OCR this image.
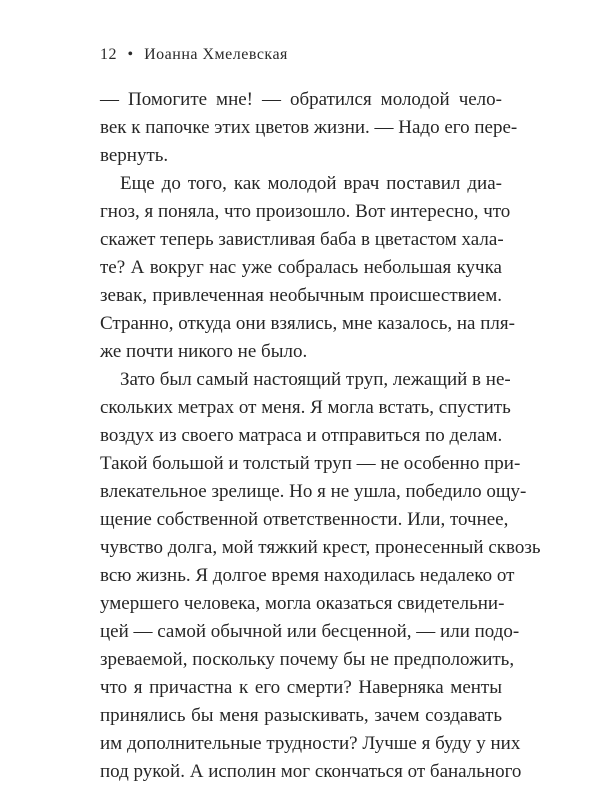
12 • Иоанна Хмелевская
— Помогите мне! — обратился молодой чело-
век к папочке этих цветов жизни. — Надо его пере-
вернуть.
Еще до того, как молодой врач поставил диа-
гноз, я поняла, что произошло. Вот интересно, что
скажет теперь завистливая баба в цветастом хала-
те? А вокруг нас уже собралась небольшая кучка
зевак, привлеченная необычным происшествием.
Странно, откуда они взялись, мне казалось, на пля-
же почти никого не было.
Зато был самый настоящий труп, лежащий в не-
скольких метрах от меня. Я могла встать, спустить
воздух из своего матраса и отправиться по делам.
Такой большой и толстый труп — не особенно при-
влекательное зрелище. Но я не ушла, победило ощу-
щение собственной ответственности. Или, точнее,
чувство долга, мой тяжкий крест, пронесенный сквозь
всю жизнь. Я долгое время находилась недалеко от
умершего человека, могла оказаться свидетельни-
цей — самой обычной или бесценной, — или подо-
зреваемой, поскольку почему бы не предположить,
что я причастна к его смерти? Наверняка менты
принялись бы меня разыскивать, зачем создавать
им дополнительные трудности? Лучше я буду у них
под рукой. А исполин мог скончаться от банального
